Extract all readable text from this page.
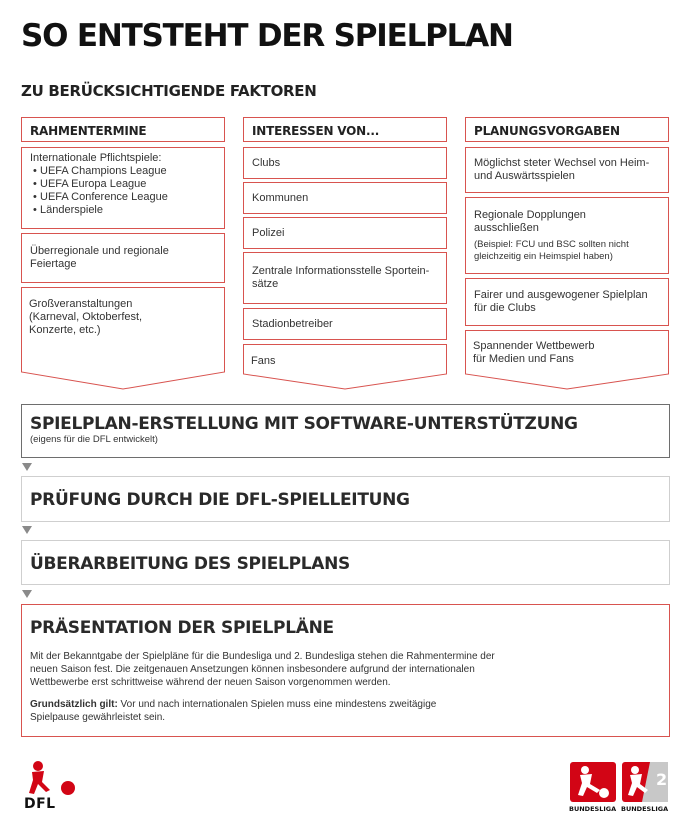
SO ENTSTEHT DER SPIELPLAN
ZU BERÜCKSICHTIGENDE FAKTOREN
RAHMENTERMINE
Internationale Pflichtspiele:
• UEFA Champions League
• UEFA Europa League
• UEFA Conference League
• Länderspiele
Überregionale und regionale Feiertage
Großveranstaltungen
(Karneval, Oktoberfest,
Konzerte, etc.)
INTERESSEN VON...
Clubs
Kommunen
Polizei
Zentrale Informationsstelle Sportein-
sätze
Stadionbetreiber
Fans
PLANUNGSVORGABEN
Möglichst steter Wechsel von Heim-
und Auswärtsspielen
Regionale Dopplungen
ausschließen
(Beispiel: FCU und BSC sollten nicht
gleichzeitig ein Heimspiel haben)
Fairer und ausgewogener Spielplan
für die Clubs
Spannender Wettbewerb
für Medien und Fans
SPIELPLAN-ERSTELLUNG MIT SOFTWARE-UNTERSTÜTZUNG
(eigens für die DFL entwickelt)
PRÜFUNG DURCH DIE DFL-SPIELLEITUNG
ÜBERARBEITUNG DES SPIELPLANS
PRÄSENTATION DER SPIELPLÄNE

Mit der Bekanntgabe der Spielpläne für die Bundesliga und 2. Bundesliga stehen die Rahmentermine der

neuen Saison fest. Die zeitgenauen Ansetzungen können insbesondere aufgrund der internationalen

Wettbewerbe erst schrittweise während der neuen Saison vorgenommen werden.

Grundsätzlich gilt: Vor und nach internationalen Spielen muss eine mindestens zweitägige

Spielpause gewährleistet sein.

DFL	BUNDESLIGA
2
BUNDESLIGA
